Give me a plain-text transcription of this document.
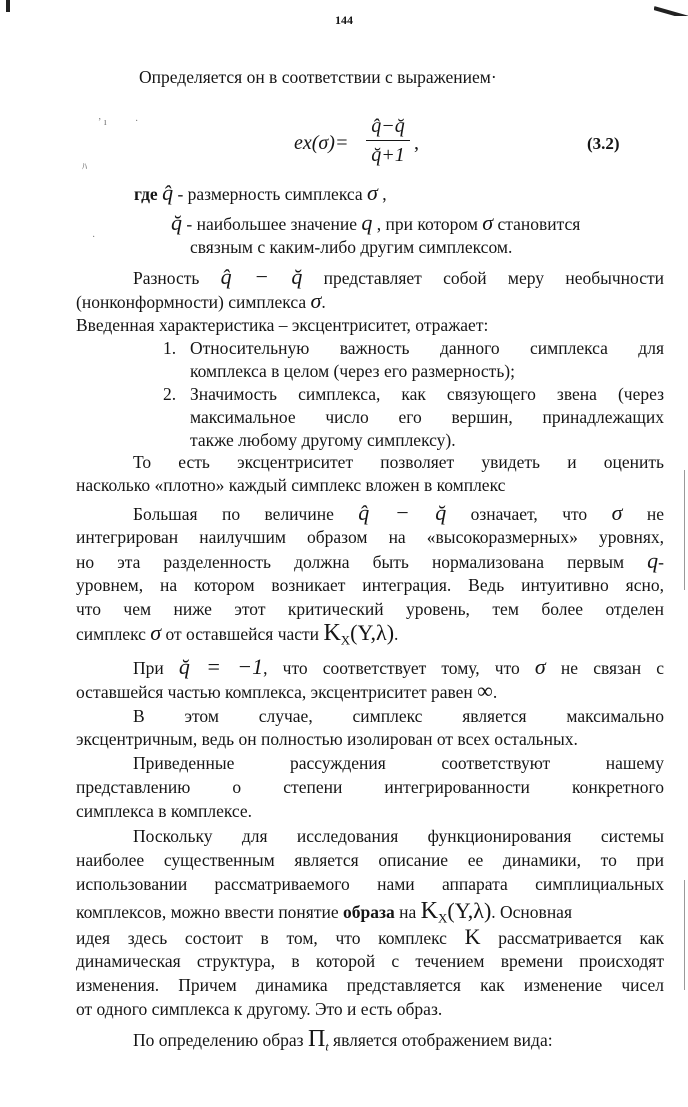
ʼ ı	·
ﾊ
·
144
Определяется он в соответствии с выражением·
ex(σ)=
q̂−q̆
q̆+1
,	(3.2)
где q̂ - размерность симплекса σ ,
q̆ - наибольшее значение q , при котором σ становится
связным с каким-либо другим симплексом.
Разность q̂ − q̆ представляет собой меру необычности
(нонконформности) симплекса σ.
Введенная характеристика – эксцентриситет, отражает:
1. Относительную важность данного симплекса для
комплекса в целом (через его размерность);
2. Значимость симплекса, как связующего звена (через
максимальное число его вершин, принадлежащих
также любому другому симплексу).
То есть эксцентриситет позволяет увидеть и оценить
насколько «плотно» каждый симплекс вложен в комплекс
Большая по величине q̂ − q̆ означает, что σ не
интегрирован наилучшим образом на «высокоразмерных» уровнях,
но эта разделенность должна быть нормализована первым q-
уровнем, на котором возникает интеграция. Ведь интуитивно ясно,
что чем ниже этот критический уровень, тем более отделен
симплекс σ от оставшейся части $K_X(Y,\lambda)$.
При q̆ = −1, что соответствует тому, что σ не связан с
оставшейся частью комплекса, эксцентриситет равен ∞.
В этом случае, симплекс является максимально
эксцентричным, ведь он полностью изолирован от всех остальных.
Приведенные рассуждения соответствуют нашему
представлению о степени интегрированности конкретного
симплекса в комплексе.
Поскольку для исследования функционирования системы
наиболее существенным является описание ее динамики, то при
использовании рассматриваемого нами аппарата симплициальных
комплексов, можно ввести понятие образа на $K_X(Y,\lambda)$. Основная
идея здесь состоит в том, что комплекс K рассматривается как
динамическая структура, в которой с течением времени происходят
изменения. Причем динамика представляется как изменение чисел
от одного симплекса к другому. Это и есть образ.
По определению образ $\Pi_t$ является отображением вида:
